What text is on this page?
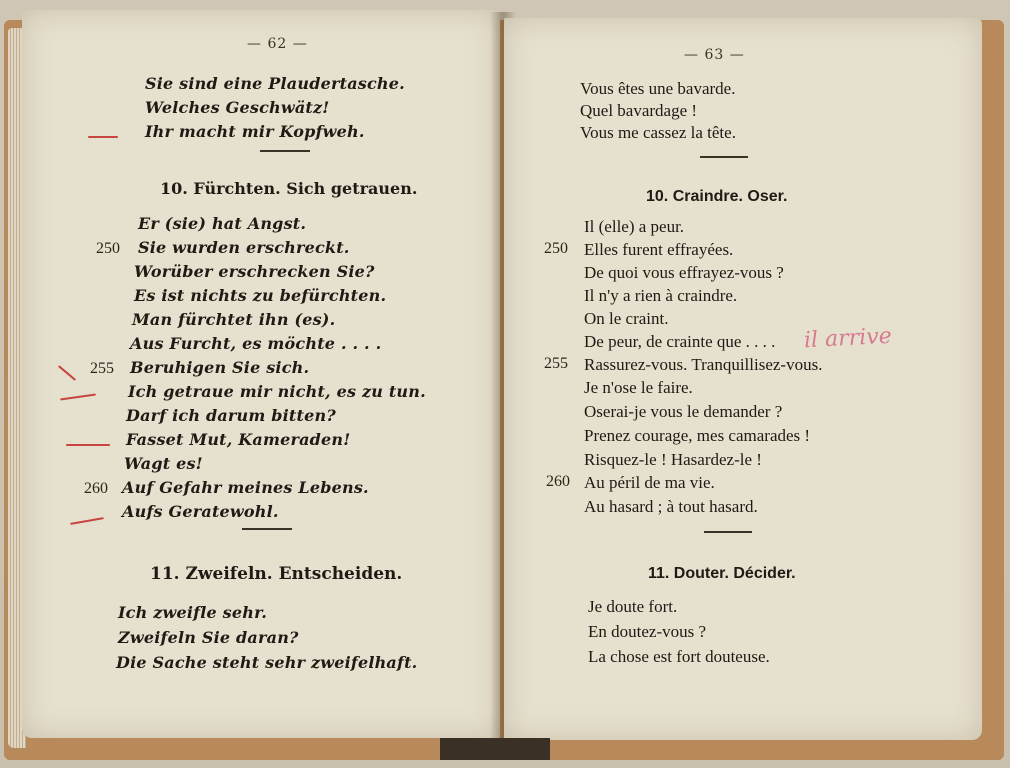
— 62 —
Sie sind eine Plaudertasche.
Welches Geschwätz!
Ihr macht mir Kopfweh.
10. Fürchten. Sich getrauen.
Er (sie) hat Angst.
250 Sie wurden erschreckt.
Worüber erschrecken Sie?
Es ist nichts zu befürchten.
Man fürchtet ihn (es).
Aus Furcht, es möchte . . . .
255 Beruhigen Sie sich.
Ich getraue mir nicht, es zu tun.
Darf ich darum bitten?
Fasset Mut, Kameraden!
Wagt es!
260 Auf Gefahr meines Lebens.
Aufs Geratewohl.
11. Zweifeln. Entscheiden.
Ich zweifle sehr.
Zweifeln Sie daran?
Die Sache steht sehr zweifelhaft.
— 63 —
Vous êtes une bavarde.
Quel bavardage !
Vous me cassez la tête.
10. Craindre. Oser.
Il (elle) a peur.
250 Elles furent effrayées.
De quoi vous effrayez-vous ?
Il n'y a rien à craindre.
On le craint.
De peur, de crainte que . . . .
255 Rassurez-vous. Tranquillisez-vous.
Je n'ose le faire.
Oserai-je vous le demander ?
Prenez courage, mes camarades !
Risquez-le ! Hasardez-le !
260 Au péril de ma vie.
Au hasard ; à tout hasard.
11. Douter. Décider.
Je doute fort.
En doutez-vous ?
La chose est fort douteuse.
il arrive
